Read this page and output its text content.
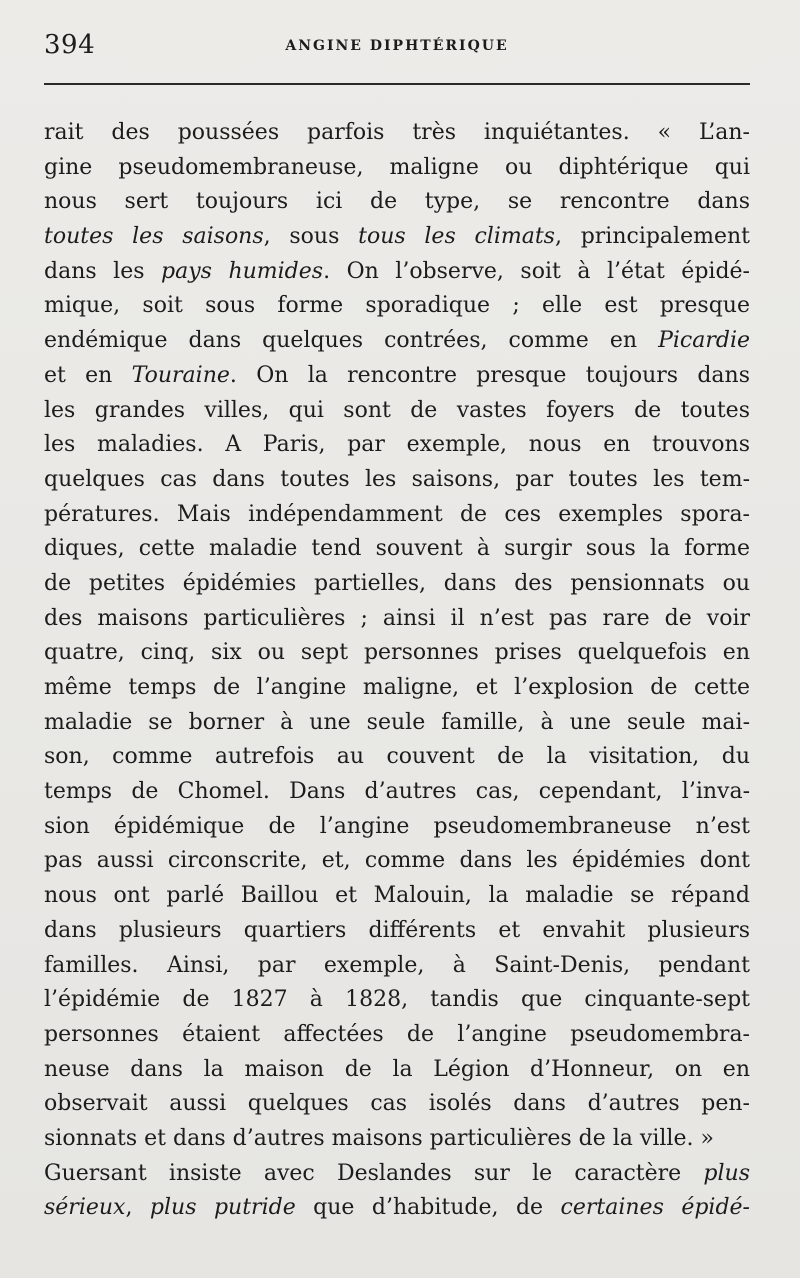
394	ANGINE DIPHTÉRIQUE
rait des poussées parfois très inquiétantes. « L’an-
gine pseudomembraneuse, maligne ou diphtérique qui
nous sert toujours ici de type, se rencontre dans
toutes les saisons, sous tous les climats, principalement
dans les pays humides. On l’observe, soit à l’état épidé-
mique, soit sous forme sporadique ; elle est presque
endémique dans quelques contrées, comme en Picardie
et en Touraine. On la rencontre presque toujours dans
les grandes villes, qui sont de vastes foyers de toutes
les maladies. A Paris, par exemple, nous en trouvons
quelques cas dans toutes les saisons, par toutes les tem-
pératures. Mais indépendamment de ces exemples spora-
diques, cette maladie tend souvent à surgir sous la forme
de petites épidémies partielles, dans des pensionnats ou
des maisons particulières ; ainsi il n’est pas rare de voir
quatre, cinq, six ou sept personnes prises quelquefois en
même temps de l’angine maligne, et l’explosion de cette
maladie se borner à une seule famille, à une seule mai-
son, comme autrefois au couvent de la visitation, du
temps de Chomel. Dans d’autres cas, cependant, l’inva-
sion épidémique de l’angine pseudomembraneuse n’est
pas aussi circonscrite, et, comme dans les épidémies dont
nous ont parlé Baillou et Malouin, la maladie se répand
dans plusieurs quartiers différents et envahit plusieurs
familles. Ainsi, par exemple, à Saint-Denis, pendant
l’épidémie de 1827 à 1828, tandis que cinquante-sept
personnes étaient affectées de l’angine pseudomembra-
neuse dans la maison de la Légion d’Honneur, on en
observait aussi quelques cas isolés dans d’autres pen-
sionnats et dans d’autres maisons particulières de la ville. »
Guersant insiste avec Deslandes sur le caractère plus
sérieux, plus putride que d’habitude, de certaines épidé-
